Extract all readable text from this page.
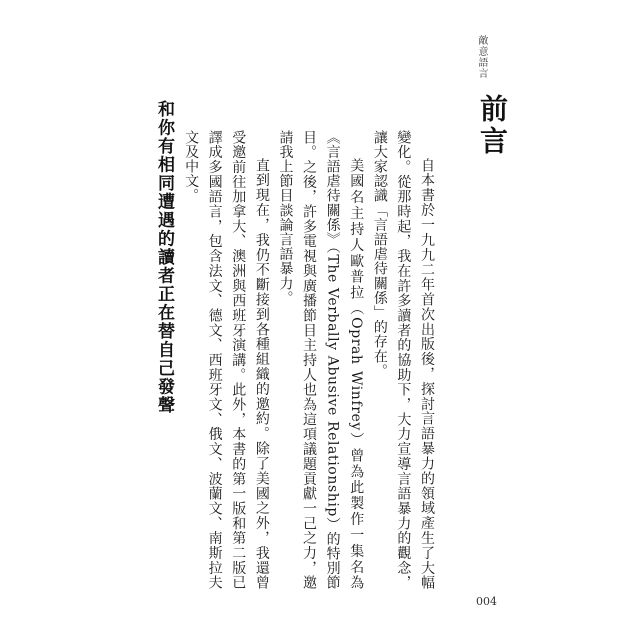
敵意語言
前言

自本書於一九九二年首次出版後，探討言語暴力的領域產生了大幅變化。從那時起，我在許多讀者的協助下，大力宣導言語暴力的觀念，讓大家認識「言語虐待關係」的存在。

美國名主持人歐普拉（Oprah Winfrey）曾為此製作一集名為《言語虐待關係》（The Verbally Abusive Relationship）的特別節目。之後，許多電視與廣播節目主持人也為這項議題貢獻一己之力，邀請我上節目談論言語暴力。

直到現在，我仍不斷接到各種組織的邀約。除了美國之外，我還曾受邀前往加拿大、澳洲與西班牙演講。此外，本書的第一版和第二版已譯成多國語言，包含法文、德文、西班牙文、俄文、波蘭文、南斯拉夫文及中文。

和你有相同遭遇的讀者正在替自己發聲
004
